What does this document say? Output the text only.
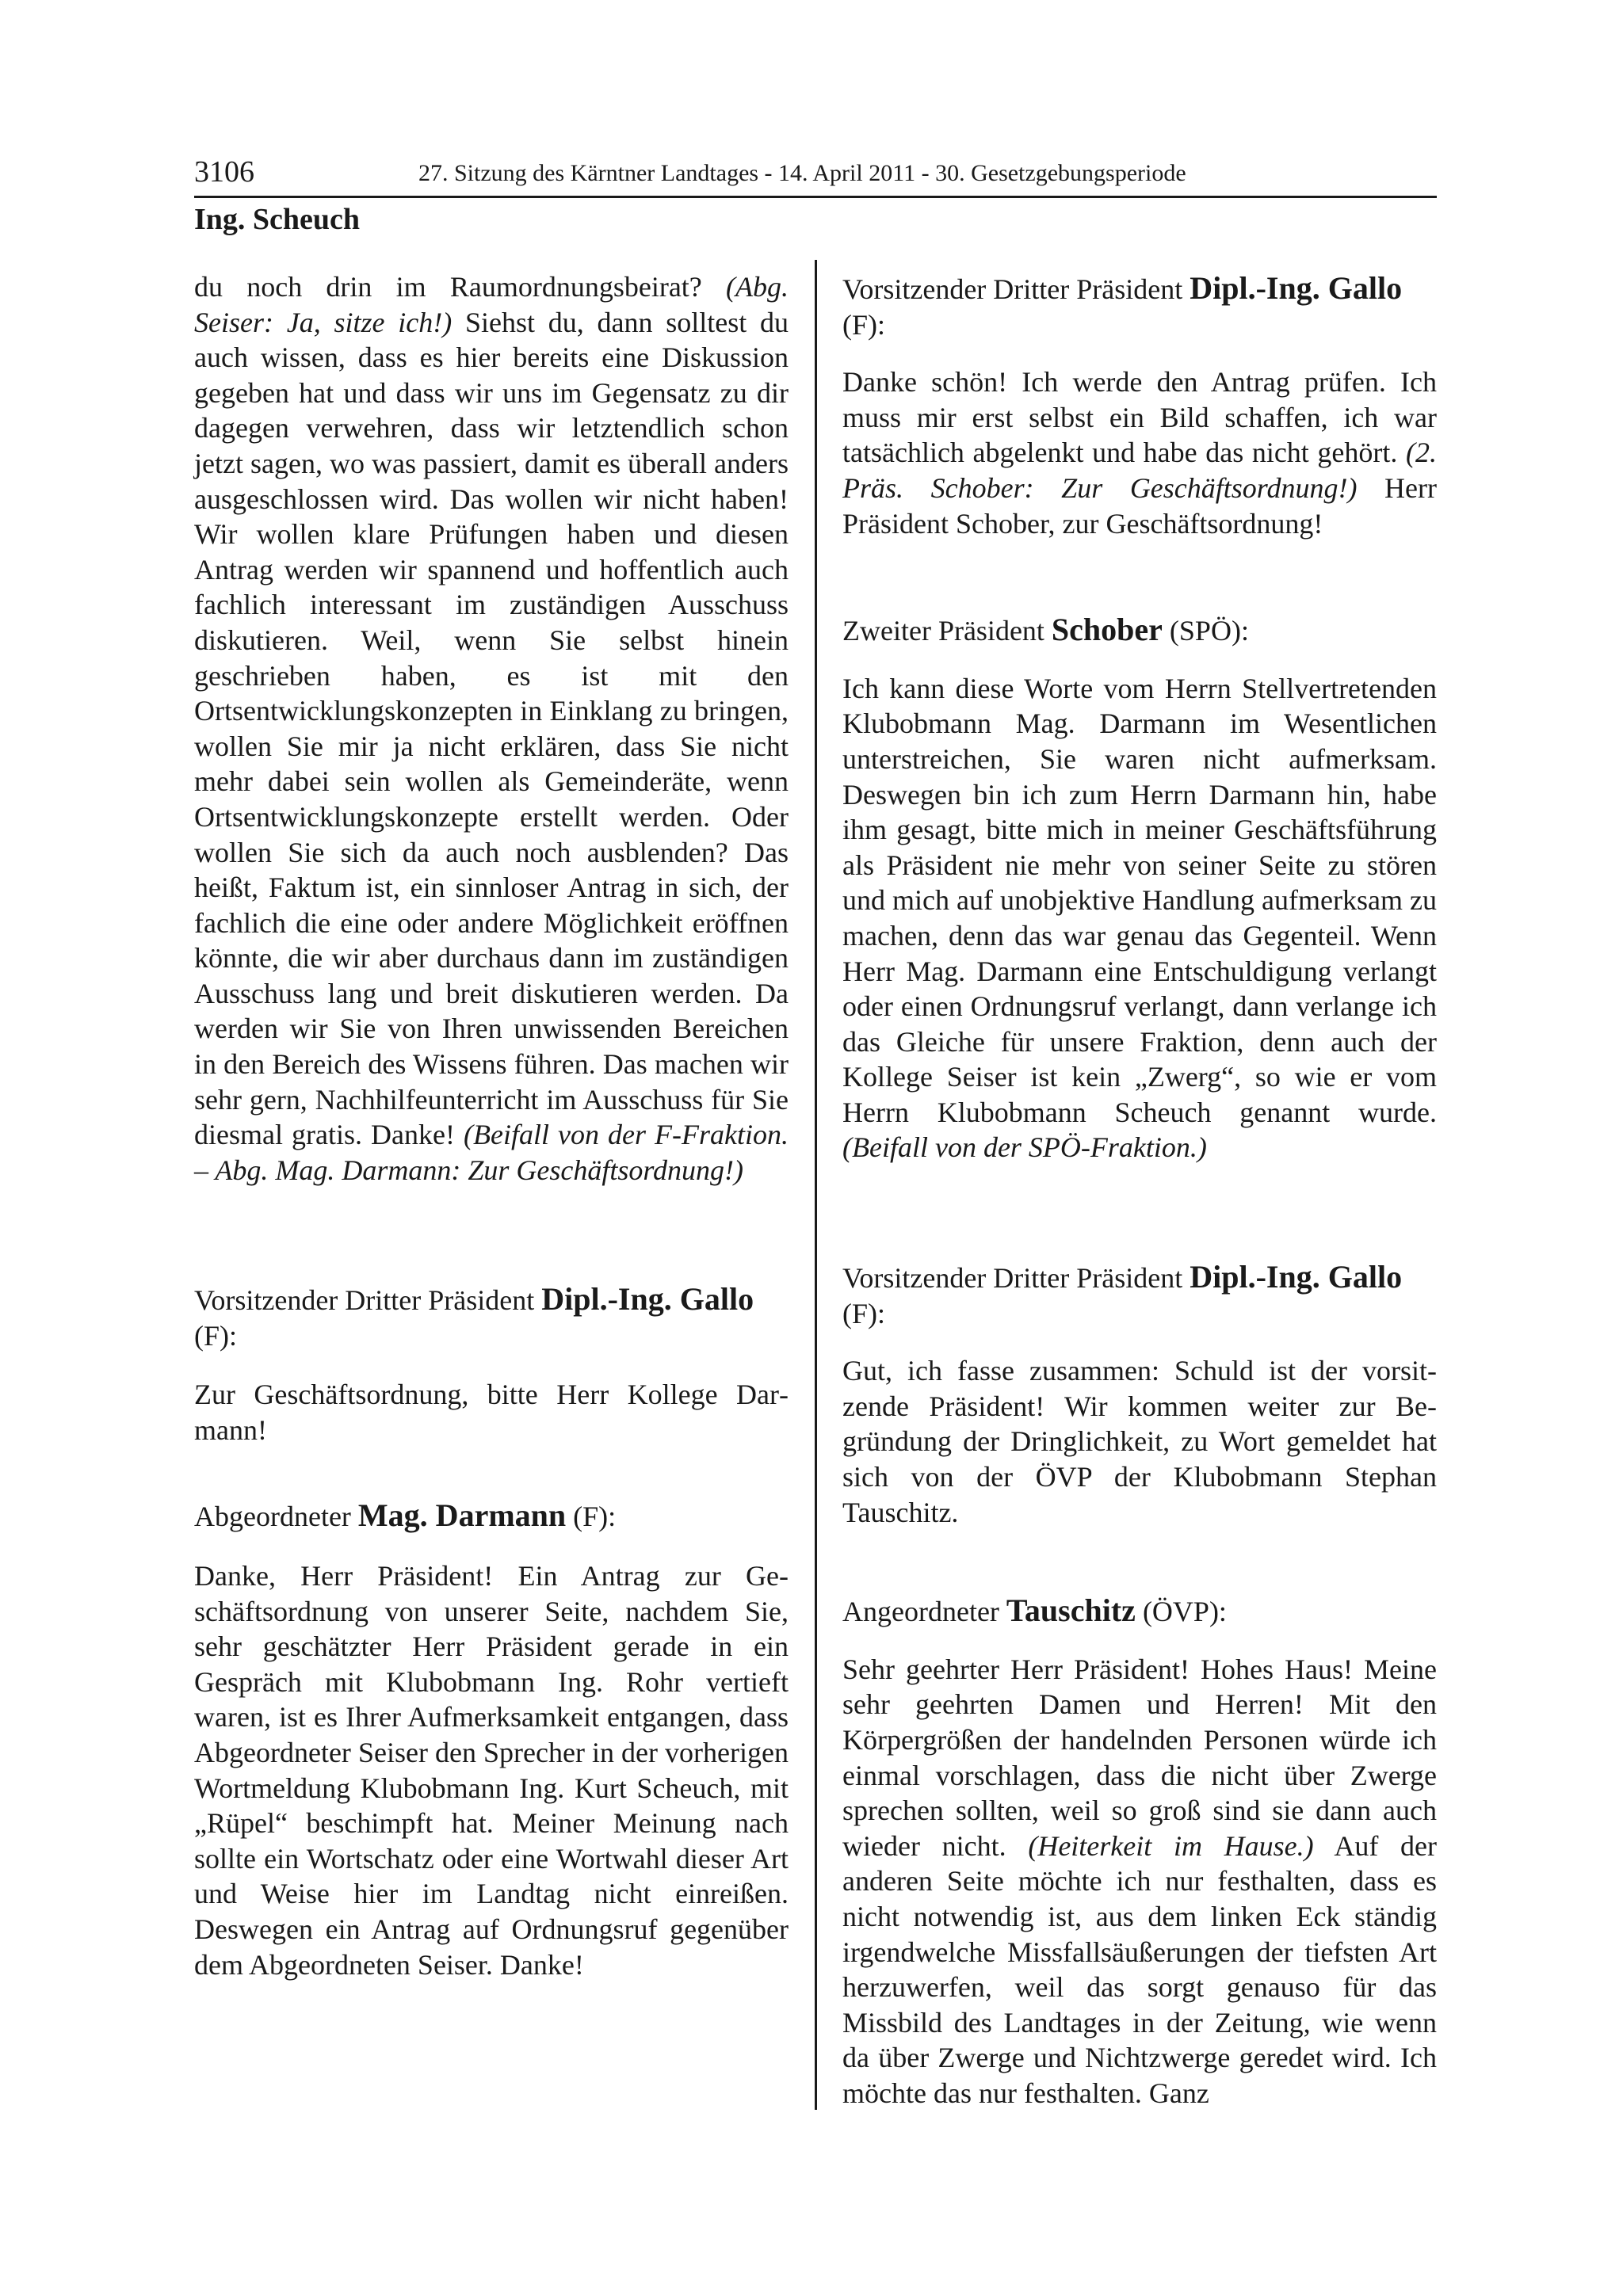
3106	27. Sitzung des Kärntner Landtages - 14. April 2011 - 30. Gesetzgebungsperiode
Ing. Scheuch

du noch drin im Raumordnungsbeirat? (Abg. Seiser: Ja, sitze ich!) Siehst du, dann solltest du auch wissen, dass es hier bereits eine Diskussion gegeben hat und dass wir uns im Gegensatz zu dir dagegen verwehren, dass wir letztendlich schon jetzt sagen, wo was passiert, damit es überall anders ausgeschlossen wird. Das wollen wir nicht haben! Wir wollen klare Prüfungen haben und diesen Antrag werden wir spannend und hoffentlich auch fachlich interessant im zuständigen Ausschuss diskutieren. Weil, wenn Sie selbst hinein geschrieben haben, es ist mit den Ortsentwicklungskonzepten in Einklang zu bringen, wollen Sie mir ja nicht erklären, dass Sie nicht mehr dabei sein wollen als Gemeinderäte, wenn Ortsentwicklungskonzepte erstellt werden. Oder wollen Sie sich da auch noch ausblenden? Das heißt, Faktum ist, ein sinnloser Antrag in sich, der fachlich die eine oder andere Möglichkeit eröffnen könnte, die wir aber durchaus dann im zuständigen Ausschuss lang und breit diskutieren werden. Da werden wir Sie von Ihren unwissenden Bereichen in den Bereich des Wissens führen. Das machen wir sehr gern, Nachhilfeunterricht im Ausschuss für Sie diesmal gratis. Danke! (Beifall von der F-Fraktion. – Abg. Mag. Darmann: Zur Geschäftsordnung!)

Vorsitzender Dritter Präsident Dipl.-Ing. Gallo (F):

Zur Geschäftsordnung, bitte Herr Kollege Darmann!

Abgeordneter Mag. Darmann (F):

Danke, Herr Präsident! Ein Antrag zur Geschäftsordnung von unserer Seite, nachdem Sie, sehr geschätzter Herr Präsident gerade in ein Gespräch mit Klubobmann Ing. Rohr vertieft waren, ist es Ihrer Aufmerksamkeit entgangen, dass Abgeordneter Seiser den Sprecher in der vorherigen Wortmeldung Klubobmann Ing. Kurt Scheuch, mit „Rüpel“ beschimpft hat. Meiner Meinung nach sollte ein Wortschatz oder eine Wortwahl dieser Art und Weise hier im Landtag nicht einreißen. Deswegen ein Antrag auf Ordnungsruf gegenüber dem Abgeordneten Seiser. Danke!

Vorsitzender Dritter Präsident Dipl.-Ing. Gallo (F):

Danke schön! Ich werde den Antrag prüfen. Ich muss mir erst selbst ein Bild schaffen, ich war tatsächlich abgelenkt und habe das nicht gehört. (2. Präs. Schober: Zur Geschäftsordnung!) Herr Präsident Schober, zur Geschäftsordnung!

Zweiter Präsident Schober (SPÖ):

Ich kann diese Worte vom Herrn Stellvertretenden Klubobmann Mag. Darmann im Wesentlichen unterstreichen, Sie waren nicht aufmerksam. Deswegen bin ich zum Herrn Darmann hin, habe ihm gesagt, bitte mich in meiner Geschäftsführung als Präsident nie mehr von seiner Seite zu stören und mich auf unobjektive Handlung aufmerksam zu machen, denn das war genau das Gegenteil. Wenn Herr Mag. Darmann eine Entschuldigung verlangt oder einen Ordnungsruf verlangt, dann verlange ich das Gleiche für unsere Fraktion, denn auch der Kollege Seiser ist kein „Zwerg“, so wie er vom Herrn Klubobmann Scheuch genannt wurde. (Beifall von der SPÖ-Fraktion.)

Vorsitzender Dritter Präsident Dipl.-Ing. Gallo (F):

Gut, ich fasse zusammen: Schuld ist der vorsitzende Präsident! Wir kommen weiter zur Begründung der Dringlichkeit, zu Wort gemeldet hat sich von der ÖVP der Klubobmann Stephan Tauschitz.

Angeordneter Tauschitz (ÖVP):

Sehr geehrter Herr Präsident! Hohes Haus! Meine sehr geehrten Damen und Herren! Mit den Körpergrößen der handelnden Personen würde ich einmal vorschlagen, dass die nicht über Zwerge sprechen sollten, weil so groß sind sie dann auch wieder nicht. (Heiterkeit im Hause.) Auf der anderen Seite möchte ich nur festhalten, dass es nicht notwendig ist, aus dem linken Eck ständig irgendwelche Missfallsäußerungen der tiefsten Art herzuwerfen, weil das sorgt genauso für das Missbild des Landtages in der Zeitung, wie wenn da über Zwerge und Nichtzwerge geredet wird. Ich möchte das nur festhalten. Ganz
